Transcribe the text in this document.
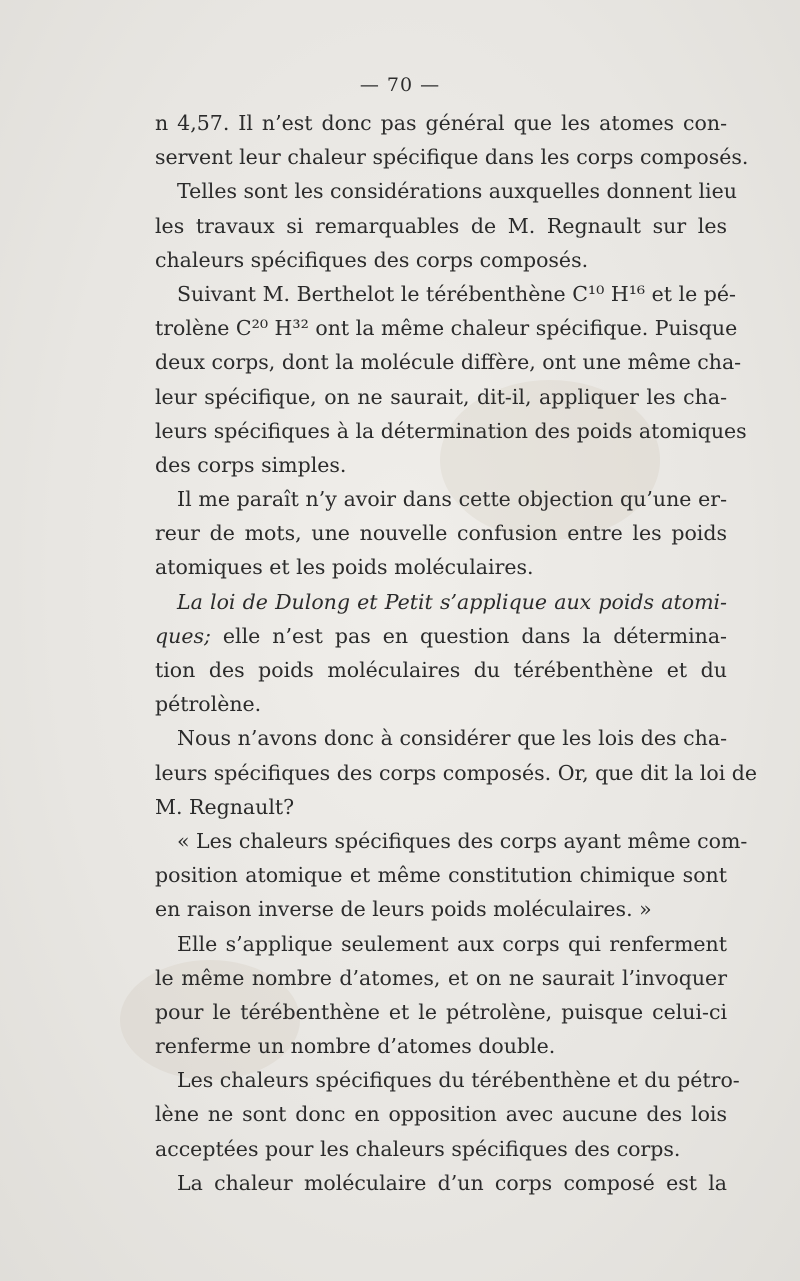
— 70 —
n 4,57. Il n’est donc pas général que les atomes con-
servent leur chaleur spécifique dans les corps composés.
Telles sont les considérations auxquelles donnent lieu
les travaux si remarquables de M. Regnault sur les
chaleurs spécifiques des corps composés.
Suivant M. Berthelot le térébenthène C¹⁰ H¹⁶ et le pé-
trolène C²⁰ H³² ont la même chaleur spécifique. Puisque
deux corps, dont la molécule diffère, ont une même cha-
leur spécifique, on ne saurait, dit-il, appliquer les cha-
leurs spécifiques à la détermination des poids atomiques
des corps simples.
Il me paraît n’y avoir dans cette objection qu’une er-
reur de mots, une nouvelle confusion entre les poids
atomiques et les poids moléculaires.
La loi de Dulong et Petit s’applique aux poids atomi-
ques; elle n’est pas en question dans la détermina-
tion des poids moléculaires du térébenthène et du
pétrolène.
Nous n’avons donc à considérer que les lois des cha-
leurs spécifiques des corps composés. Or, que dit la loi de
M. Regnault?
« Les chaleurs spécifiques des corps ayant même com-
position atomique et même constitution chimique sont
en raison inverse de leurs poids moléculaires. »
Elle s’applique seulement aux corps qui renferment
le même nombre d’atomes, et on ne saurait l’invoquer
pour le térébenthène et le pétrolène, puisque celui-ci
renferme un nombre d’atomes double.
Les chaleurs spécifiques du térébenthène et du pétro-
lène ne sont donc en opposition avec aucune des lois
acceptées pour les chaleurs spécifiques des corps.
La chaleur moléculaire d’un corps composé est la
